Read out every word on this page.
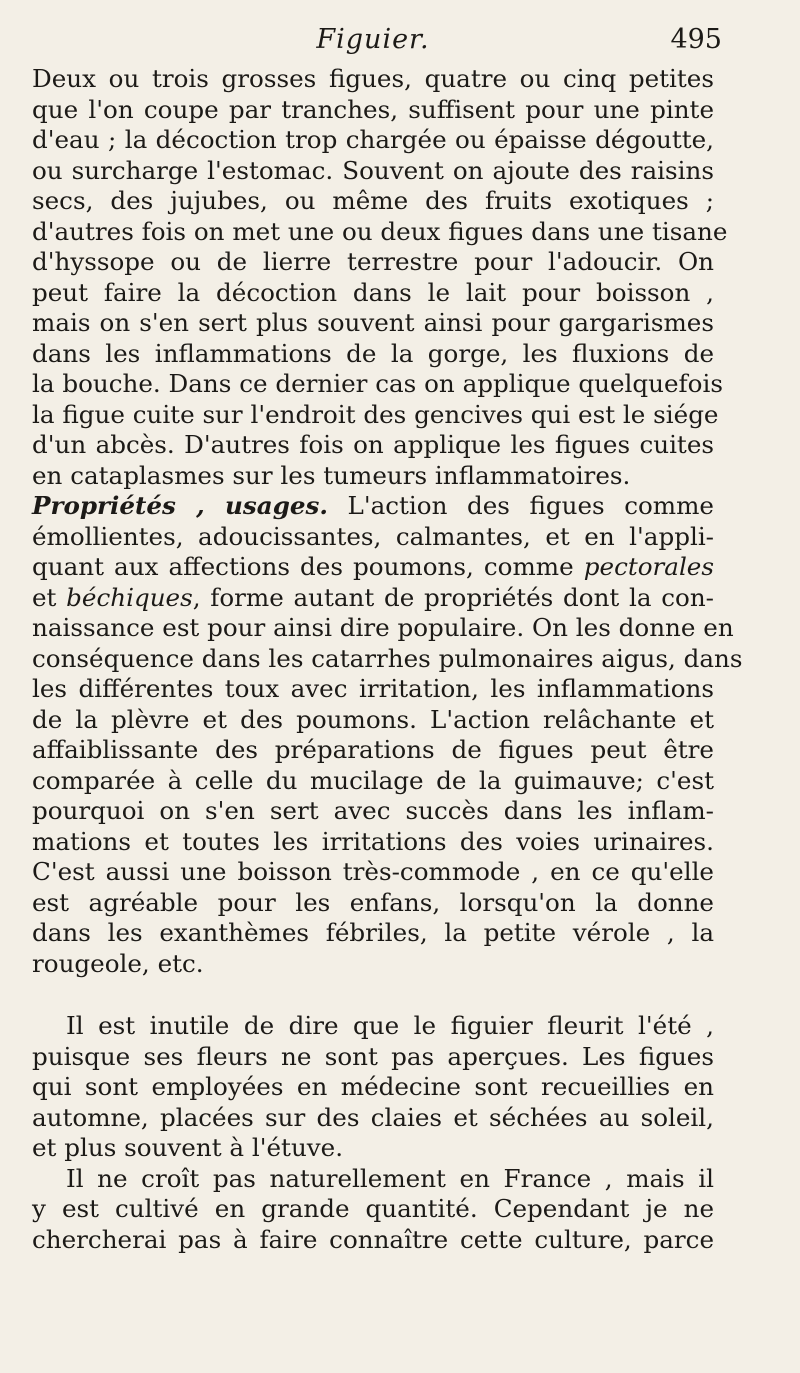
Figuier.	495
Deux ou trois grosses figues, quatre ou cinq petites
que l'on coupe par tranches, suffisent pour une pinte
d'eau ; la décoction trop chargée ou épaisse dégoutte,
ou surcharge l'estomac. Souvent on ajoute des raisins
secs, des jujubes, ou même des fruits exotiques ;
d'autres fois on met une ou deux figues dans une tisane
d'hyssope ou de lierre terrestre pour l'adoucir. On
peut faire la décoction dans le lait pour boisson ,
mais on s'en sert plus souvent ainsi pour gargarismes
dans les inflammations de la gorge, les fluxions de
la bouche. Dans ce dernier cas on applique quelquefois
la figue cuite sur l'endroit des gencives qui est le siége
d'un abcès. D'autres fois on applique les figues cuites
en cataplasmes sur les tumeurs inflammatoires.
Propriétés , usages. L'action des figues comme
émollientes, adoucissantes, calmantes, et en l'appli-
quant aux affections des poumons, comme pectorales
et béchiques, forme autant de propriétés dont la con-
naissance est pour ainsi dire populaire. On les donne en
conséquence dans les catarrhes pulmonaires aigus, dans
les différentes toux avec irritation, les inflammations
de la plèvre et des poumons. L'action relâchante et
affaiblissante des préparations de figues peut être
comparée à celle du mucilage de la guimauve; c'est
pourquoi on s'en sert avec succès dans les inflam-
mations et toutes les irritations des voies urinaires.
C'est aussi une boisson très-commode , en ce qu'elle
est agréable pour les enfans, lorsqu'on la donne
dans les exanthèmes fébriles, la petite vérole , la
rougeole, etc.
Il est inutile de dire que le figuier fleurit l'été ,
puisque ses fleurs ne sont pas aperçues. Les figues
qui sont employées en médecine sont recueillies en
automne, placées sur des claies et séchées au soleil,
et plus souvent à l'étuve.
Il ne croît pas naturellement en France , mais il
y est cultivé en grande quantité. Cependant je ne
chercherai pas à faire connaître cette culture, parce
